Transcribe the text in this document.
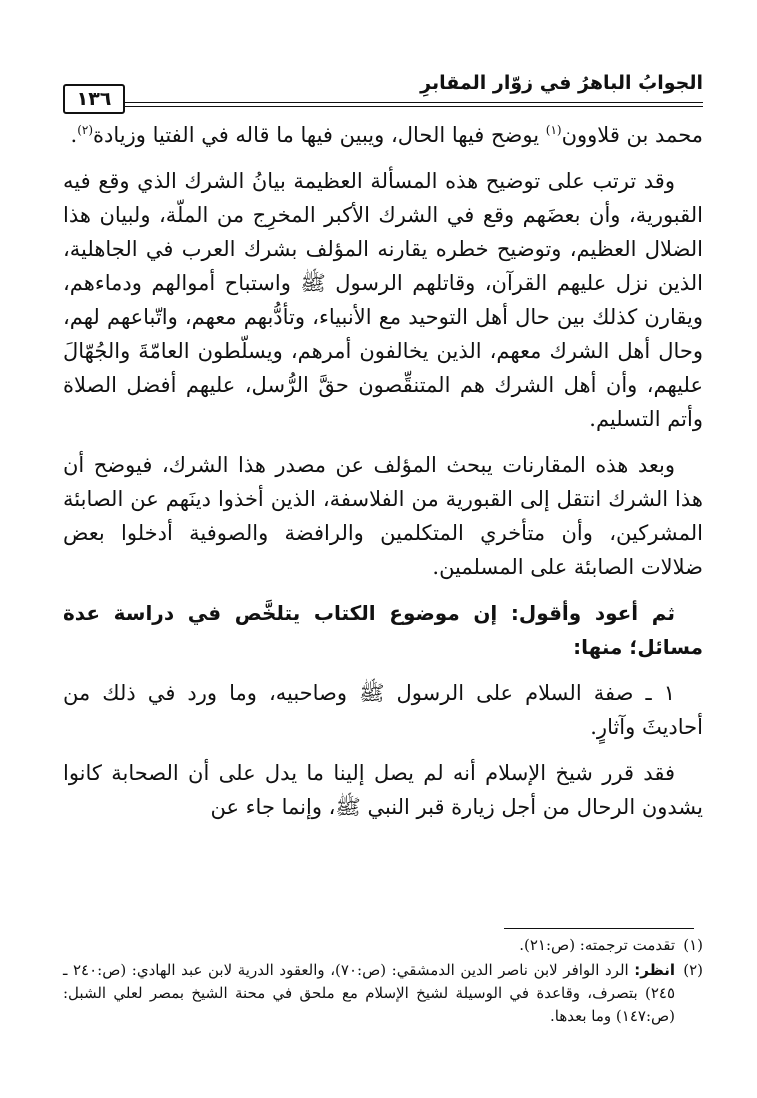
١٣٦
الجوابُ الباهرُ في زوّار المقابرِ

محمد بن قلاوون$^{(١)}$ يوضح فيها الحال، ويبين فيها ما قاله في الفتيا وزيادة$^{(٢)}$.

وقد ترتب على توضيح هذه المسألة العظيمة بيانُ الشرك الذي وقع فيه القبورية، وأن بعضَهم وقع في الشرك الأكبر المخرِج من الملّة، ولبيان هذا الضلال العظيم، وتوضيح خطره يقارنه المؤلف بشرك العرب في الجاهلية، الذين نزل عليهم القرآن، وقاتلهم الرسول ﷺ واستباح أموالهم ودماءهم، ويقارن كذلك بين حال أهل التوحيد مع الأنبياء، وتأدُّبهم معهم، واتّباعهم لهم، وحال أهل الشرك معهم، الذين يخالفون أمرهم، ويسلّطون العامّةَ والجُهّالَ عليهم، وأن أهل الشرك هم المتنقِّصون حقَّ الرُّسل، عليهم أفضل الصلاة وأتم التسليم.

وبعد هذه المقارنات يبحث المؤلف عن مصدر هذا الشرك، فيوضح أن هذا الشرك انتقل إلى القبورية من الفلاسفة، الذين أخذوا دينَهم عن الصابئة المشركين، وأن متأخري المتكلمين والرافضة والصوفية أدخلوا بعض ضلالات الصابئة على المسلمين.

ثم أعود وأقول: إن موضوع الكتاب يتلخَّص في دراسة عدة مسائل؛ منها:

١ ـ صفة السلام على الرسول ﷺ وصاحبيه، وما ورد في ذلك من أحاديثَ وآثارٍ.

فقد قرر شيخ الإسلام أنه لم يصل إلينا ما يدل على أن الصحابة كانوا يشدون الرحال من أجل زيارة قبر النبي ﷺ، وإنما جاء عن

(١)
تقدمت ترجمته: (ص:٢١).
(٢)
انظر: الرد الوافر لابن ناصر الدين الدمشقي: (ص:٧٠)، والعقود الدرية لابن عبد الهادي: (ص:٢٤٠ ـ ٢٤٥) بتصرف، وقاعدة في الوسيلة لشيخ الإسلام مع ملحق في محنة الشيخ بمصر لعلي الشبل: (ص:١٤٧) وما بعدها.
